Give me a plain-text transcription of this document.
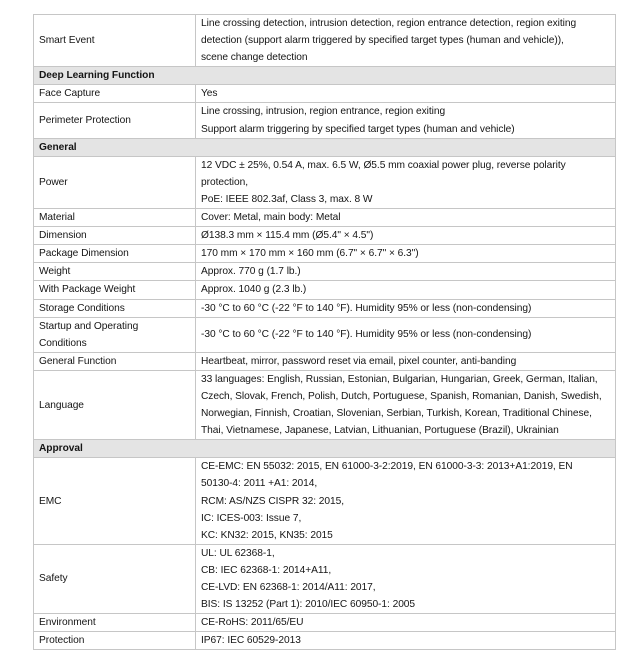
Smart Event	Line crossing detection, intrusion detection, region entrance detection, region exiting
detection (support alarm triggered by specified target types (human and vehicle)),
scene change detection

Deep Learning Function	

Face Capture	Yes

Perimeter Protection	Line crossing, intrusion, region entrance, region exiting
Support alarm triggering by specified target types (human and vehicle)

General	

Power	12 VDC ± 25%, 0.54 A, max. 6.5 W, Ø5.5 mm coaxial power plug, reverse polarity
protection,
PoE: IEEE 802.3af, Class 3, max. 8 W

Material	Cover: Metal, main body: Metal

Dimension	Ø138.3 mm × 115.4 mm (Ø5.4" × 4.5")

Package Dimension	170 mm × 170 mm × 160 mm (6.7" × 6.7" × 6.3")

Weight	Approx. 770 g (1.7 lb.)

With Package Weight	Approx. 1040 g (2.3 lb.)

Storage Conditions	-30 °C to 60 °C (-22 °F to 140 °F). Humidity 95% or less (non-condensing)

Startup and Operating
Conditions	-30 °C to 60 °C (-22 °F to 140 °F). Humidity 95% or less (non-condensing)

General Function	Heartbeat, mirror, password reset via email, pixel counter, anti-banding

Language	33 languages: English, Russian, Estonian, Bulgarian, Hungarian, Greek, German, Italian,
Czech, Slovak, French, Polish, Dutch, Portuguese, Spanish, Romanian, Danish, Swedish,
Norwegian, Finnish, Croatian, Slovenian, Serbian, Turkish, Korean, Traditional Chinese,
Thai, Vietnamese, Japanese, Latvian, Lithuanian, Portuguese (Brazil), Ukrainian

Approval	

EMC	CE-EMC: EN 55032: 2015, EN 61000-3-2:2019, EN 61000-3-3: 2013+A1:2019, EN
50130-4: 2011 +A1: 2014,
RCM: AS/NZS CISPR 32: 2015,
IC: ICES-003: Issue 7,
KC: KN32: 2015, KN35: 2015

Safety	UL: UL 62368-1,
CB: IEC 62368-1: 2014+A11,
CE-LVD: EN 62368-1: 2014/A11: 2017,
BIS: IS 13252 (Part 1): 2010/IEC 60950-1: 2005

Environment	CE-RoHS: 2011/65/EU

Protection	IP67: IEC 60529-2013
